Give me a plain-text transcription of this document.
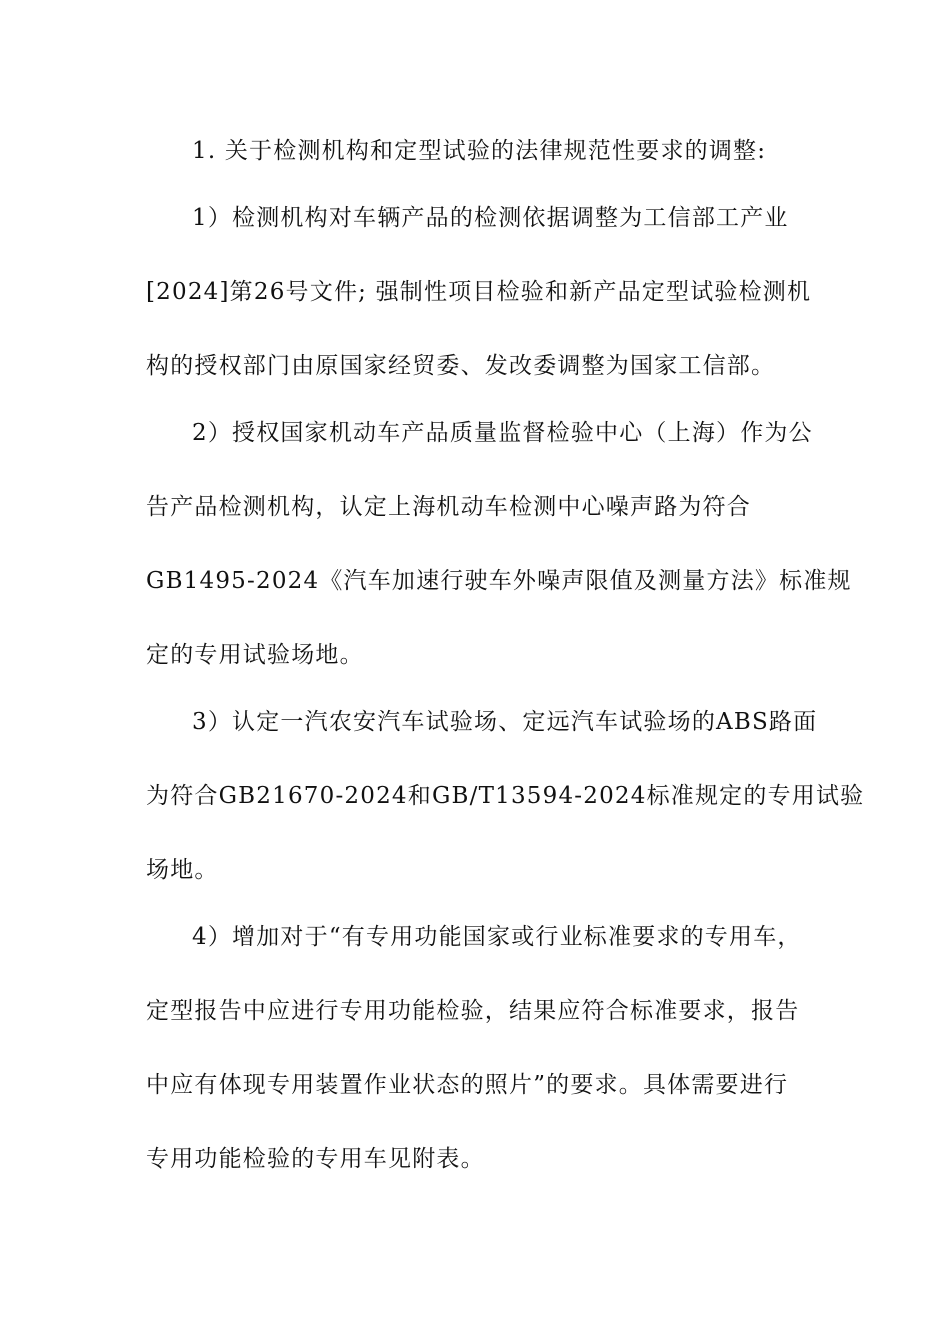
1. 关于检测机构和定型试验的法律规范性要求的调整:
1）检测机构对车辆产品的检测依据调整为工信部工产业
[2024]第26号文件; 强制性项目检验和新产品定型试验检测机
构的授权部门由原国家经贸委、发改委调整为国家工信部。
2）授权国家机动车产品质量监督检验中心（上海）作为公
告产品检测机构，认定上海机动车检测中心噪声路为符合
GB1495-2024《汽车加速行驶车外噪声限值及测量方法》标准规
定的专用试验场地。
3）认定一汽农安汽车试验场、定远汽车试验场的ABS路面
为符合GB21670-2024和GB/T13594-2024标准规定的专用试验
场地。
4）增加对于“有专用功能国家或行业标准要求的专用车，
定型报告中应进行专用功能检验，结果应符合标准要求，报告
中应有体现专用装置作业状态的照片”的要求。具体需要进行
专用功能检验的专用车见附表。
